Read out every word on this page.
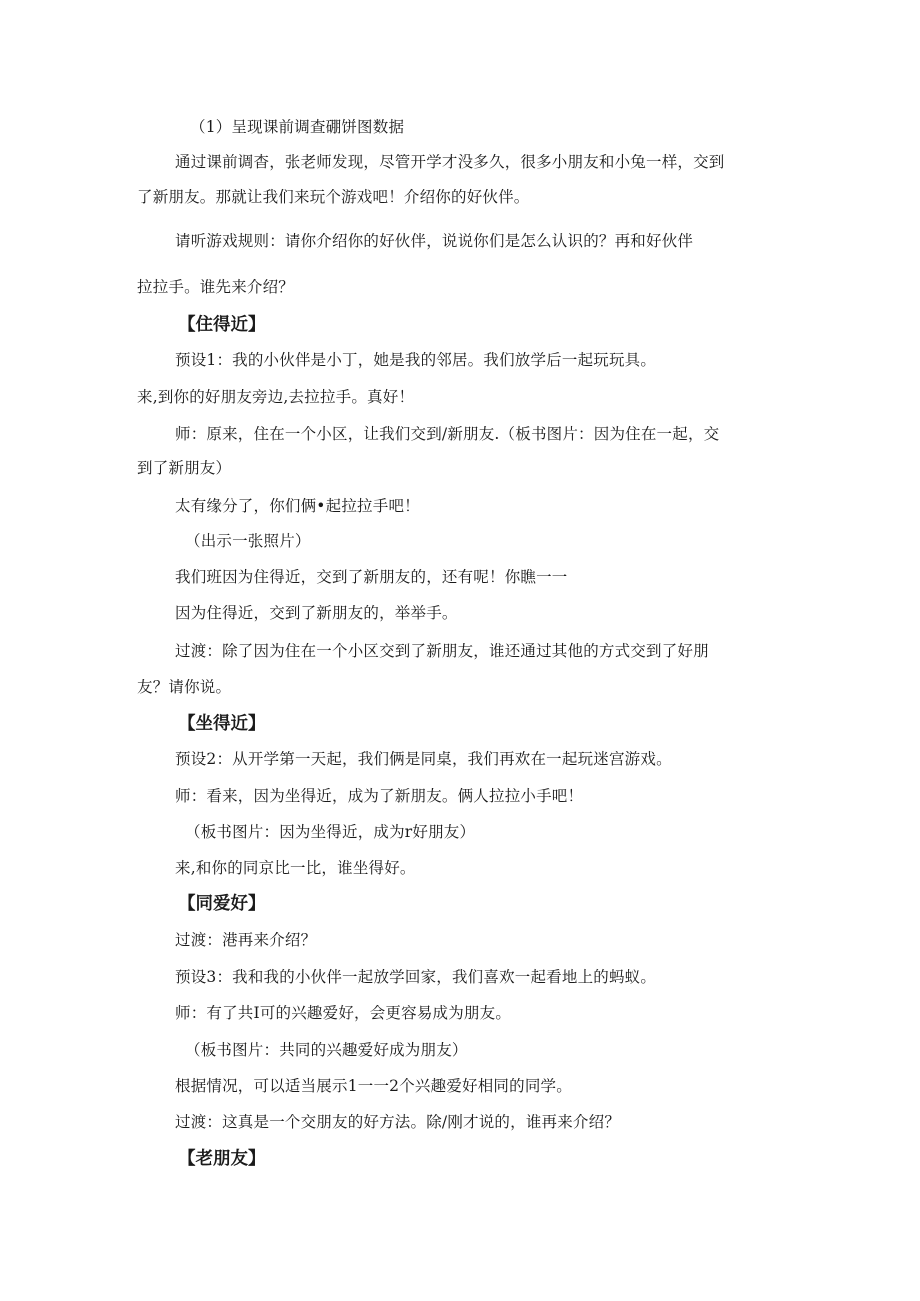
（1）呈现课前调查硼饼图数据
通过课前调杳，张老师发现，尽管开学才没多久，很多小朋友和小兔一样，交到
了新朋友。那就让我们来玩个游戏吧！介绍你的好伙伴。
请听游戏规则：请你介绍你的好伙伴，说说你们是怎么认识的？再和好伙伴
拉拉手。谁先来介绍？
【住得近】
预设1：我的小伙伴是小丁，她是我的邻居。我们放学后一起玩玩具。
来,到你的好朋友旁边,去拉拉手。真好！
师：原来，住在一个小区，让我们交到/新朋友.（板书图片：因为住在一起，交
到了新朋友）
太有缘分了，你们俩•起拉拉手吧！
（出示一张照片）
我们班因为住得近，交到了新朋友的，还有呢！你瞧一一
因为住得近，交到了新朋友的，举举手。
过渡：除了因为住在一个小区交到了新朋友，谁还通过其他的方式交到了好朋
友？请你说。
【坐得近】
预设2：从开学第一天起，我们俩是同桌，我们再欢在一起玩迷宫游戏。
师：看来，因为坐得近，成为了新朋友。俩人拉拉小手吧！
（板书图片：因为坐得近，成为r好朋友）
来,和你的同京比一比，谁坐得好。
【同爱好】
过渡：港再来介绍？
预设3：我和我的小伙伴一起放学回家，我们喜欢一起看地上的蚂蚁。
师：有了共I可的兴趣爱好，会更容易成为朋友。
（板书图片：共同的兴趣爱好成为朋友）
根据情况，可以适当展示1一一2个兴趣爱好相同的同学。
过渡：这真是一个交朋友的好方法。除/刚才说的，谁再来介绍？
【老朋友】
